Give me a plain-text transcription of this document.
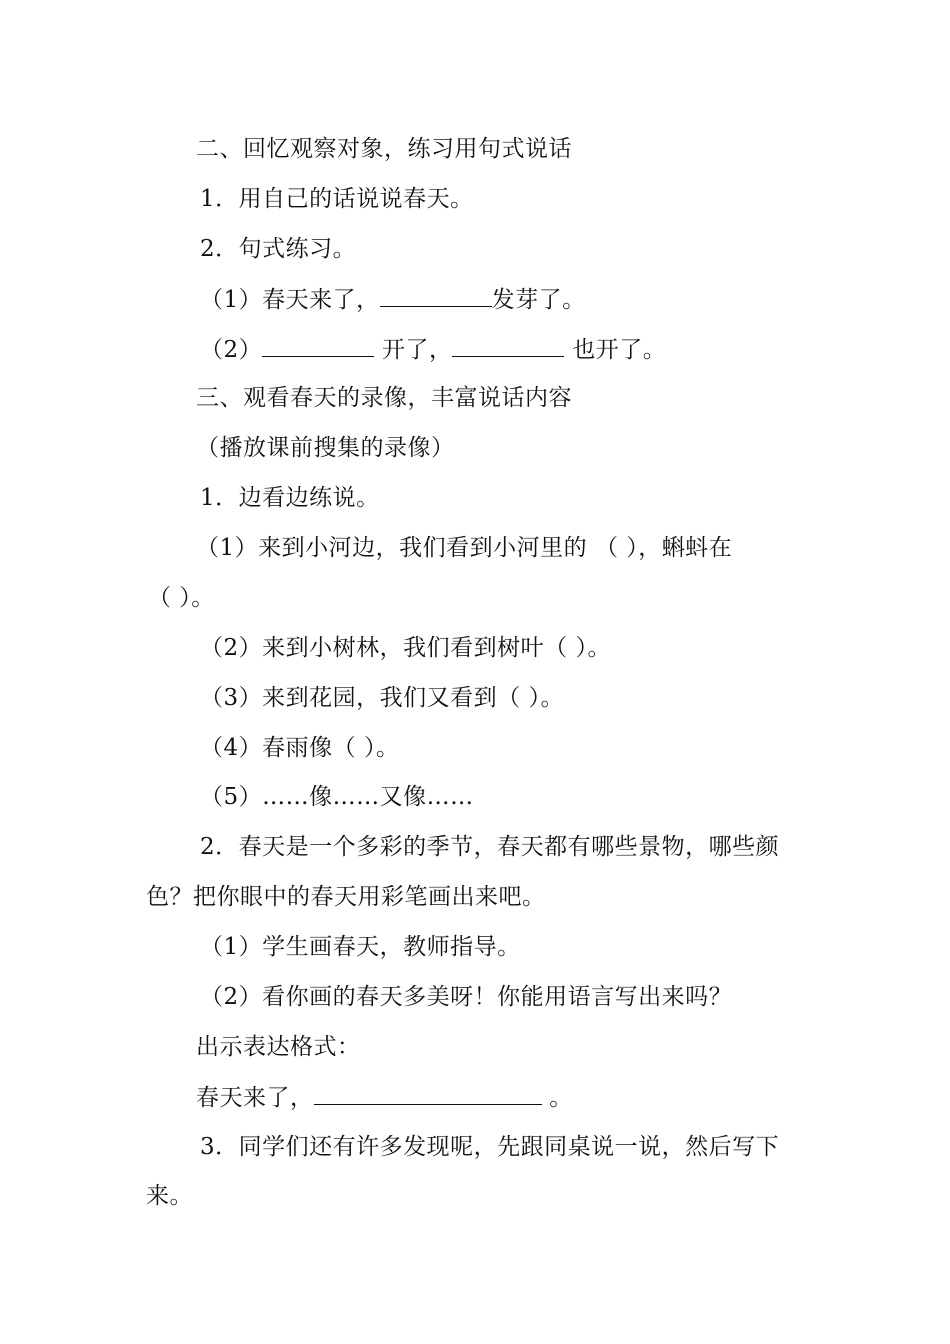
二、回忆观察对象，练习用句式说话
1．用自己的话说说春天。
2．句式练习。
（1）春天来了，	发芽了。
（2）	开了，	也开了。
三、观看春天的录像，丰富说话内容
（播放课前搜集的录像）
1．边看边练说。
（1）来到小河边，我们看到小河里的 （ ），蝌蚪在
（ ）。
（2）来到小树林，我们看到树叶（ ）。
（3）来到花园，我们又看到（ ）。
（4）春雨像（ ）。
（5）……像……又像……
2．春天是一个多彩的季节，春天都有哪些景物，哪些颜
色？把你眼中的春天用彩笔画出来吧。
（1）学生画春天，教师指导。
（2）看你画的春天多美呀！你能用语言写出来吗？
出示表达格式：
春天来了，	。
3．同学们还有许多发现呢，先跟同桌说一说，然后写下
来。
